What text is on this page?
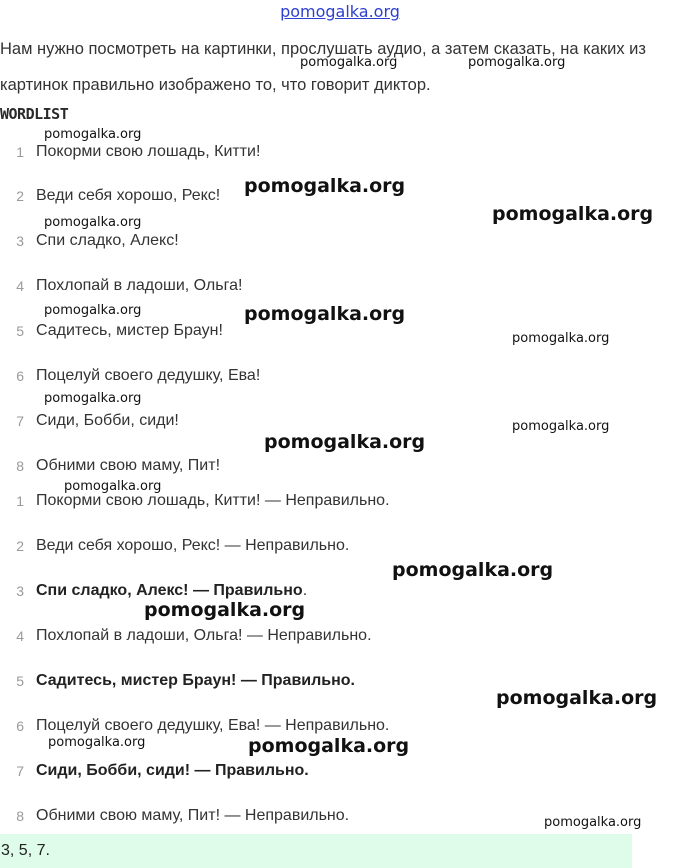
pomogalka.org

Нам нужно посмотреть на картинки, прослушать аудио, а затем сказать, на каких из картинок правильно изображено то, что говорит диктор.

WORDLIST
1 Покорми свою лошадь, Китти!
2 Веди себя хорошо, Рекс!
3 Спи сладко, Алекс!
4 Похлопай в ладоши, Ольга!
5 Садитесь, мистер Браун!
6 Поцелуй своего дедушку, Ева!
7 Сиди, Бобби, сиди!
8 Обними свою маму, Пит!
1 Покорми свою лошадь, Китти! — Неправильно.
2 Веди себя хорошо, Рекс! — Неправильно.
3 Спи сладко, Алекс! — Правильно .
4 Похлопай в ладоши, Ольга! — Неправильно.
5 Садитесь, мистер Браун! — Правильно.
6 Поцелуй своего дедушку, Ева! — Неправильно.
7 Сиди, Бобби, сиди! — Правильно.
8 Обними свою маму, Пит! — Неправильно.
3, 5, 7.
pomogalka.org	pomogalka.org
pomogalka.org
pomogalka.org
pomogalka.org
pomogalka.org
pomogalka.org	pomogalka.org
pomogalka.org
pomogalka.org
pomogalka.org
pomogalka.org
pomogalka.org
pomogalka.org
pomogalka.org
pomogalka.org
pomogalka.org	pomogalka.org
pomogalka.org
